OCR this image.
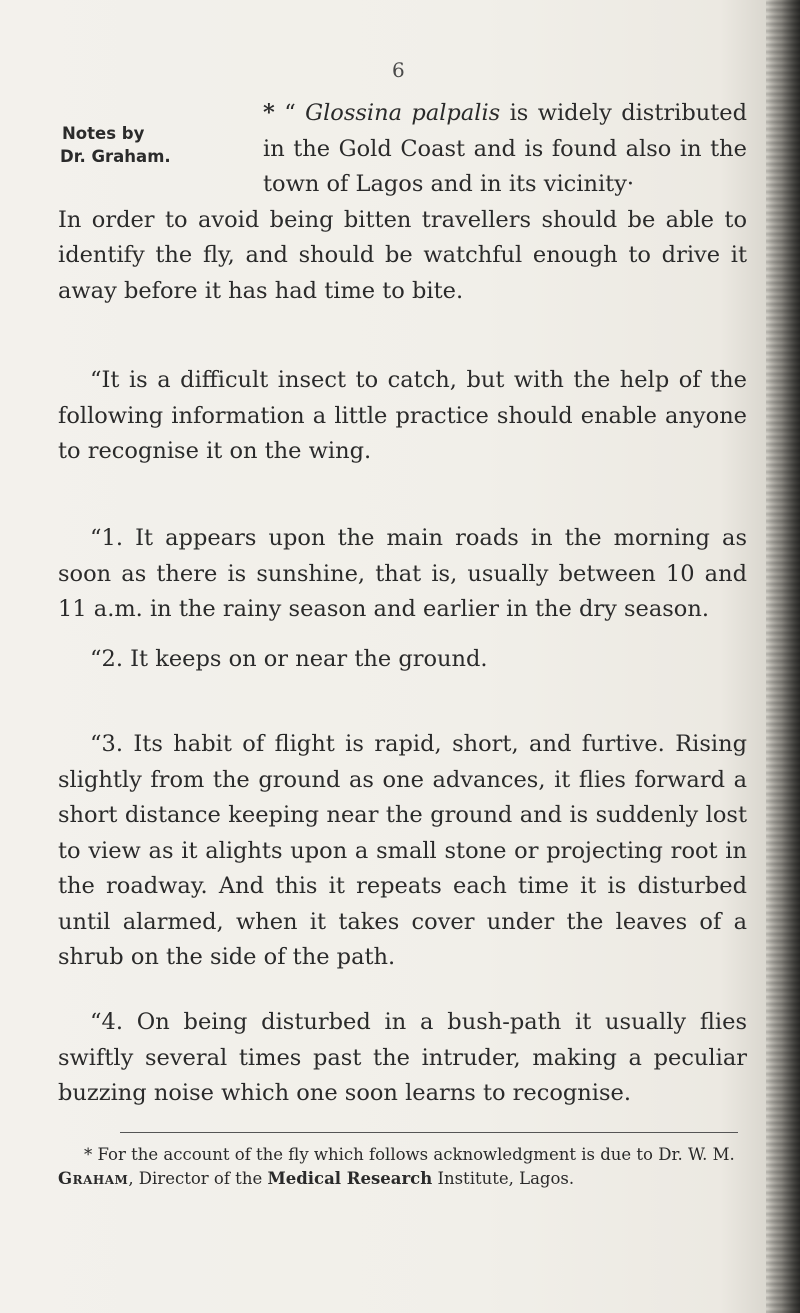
6
Notes by
Dr. Graham.
* “ Glossina palpalis is widely distributed in the Gold Coast and is found also in the town of Lagos and in its vicinity·
In order to avoid being bitten travellers should be able to identify the fly, and should be watchful enough to drive it away before it has had time to bite.
“It is a difficult insect to catch, but with the help of the following information a little practice should enable anyone to recognise it on the wing.
“1. It appears upon the main roads in the morning as soon as there is sunshine, that is, usually between 10 and 11 a.m. in the rainy season and earlier in the dry season.
“2. It keeps on or near the ground.
“3. Its habit of flight is rapid, short, and furtive. Rising slightly from the ground as one advances, it flies forward a short distance keeping near the ground and is suddenly lost to view as it alights upon a small stone or projecting root in the roadway. And this it repeats each time it is disturbed until alarmed, when it takes cover under the leaves of a shrub on the side of the path.
“4. On being disturbed in a bush-path it usually flies swiftly several times past the intruder, making a peculiar buzzing noise which one soon learns to recognise.
* For the account of the fly which follows acknowledgment is due to Dr. W. M. Graham, Director of the Medical Research Institute, Lagos.
